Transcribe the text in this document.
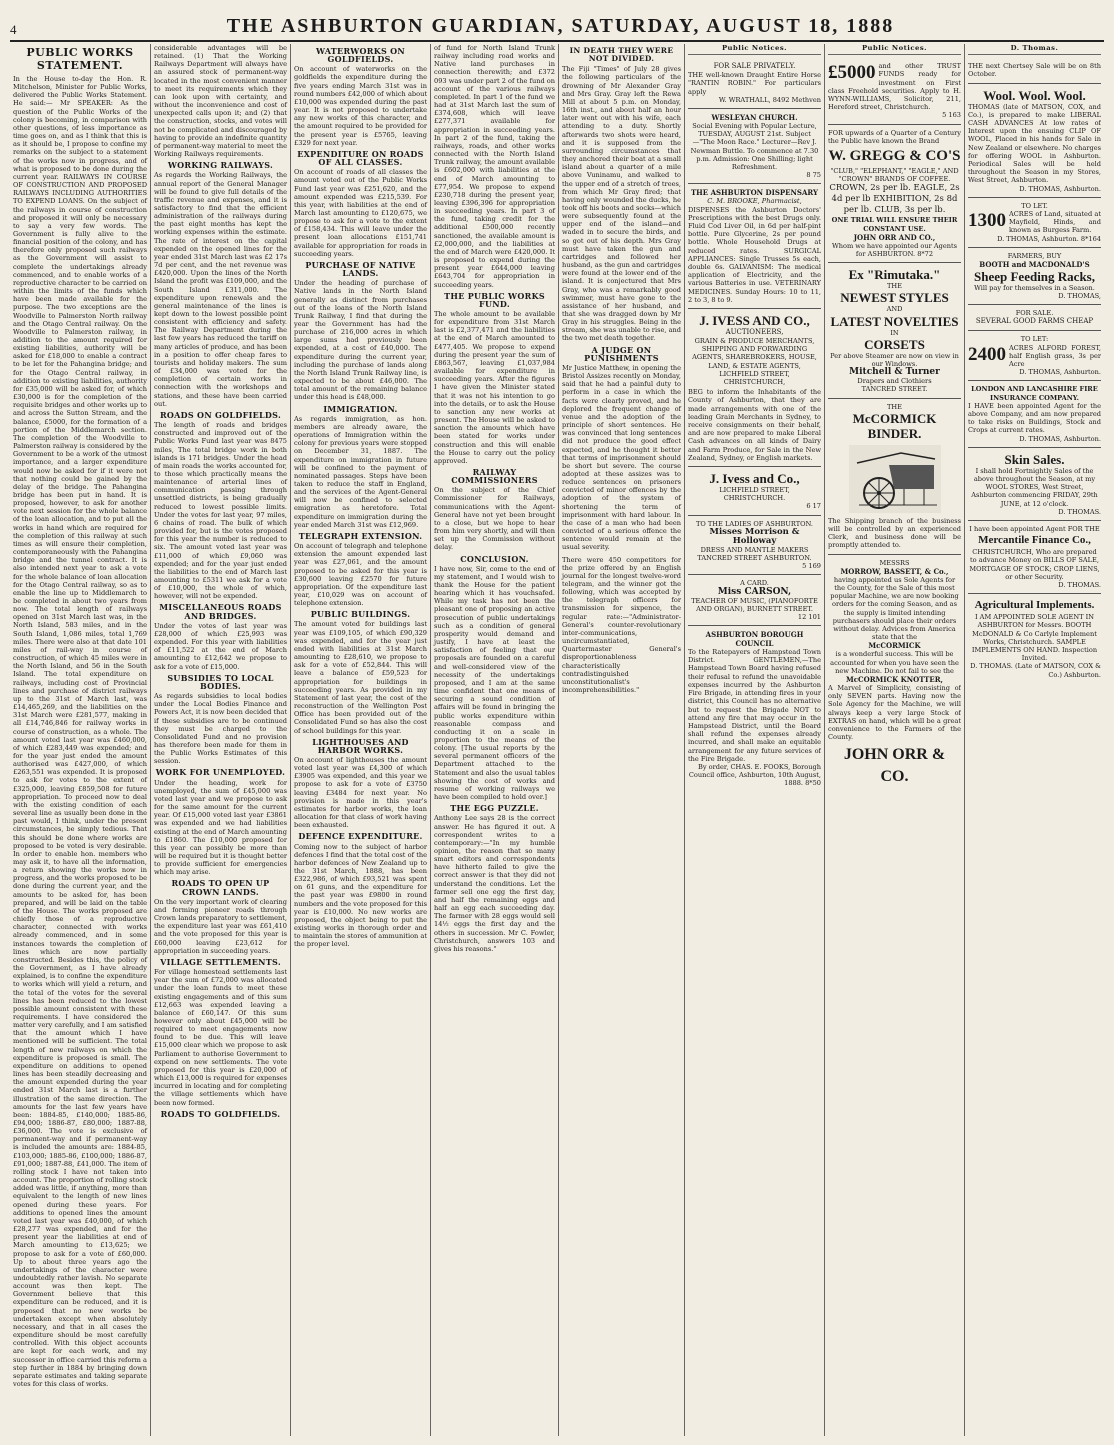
4	THE ASHBURTON GUARDIAN, SATURDAY, AUGUST 18, 1888
PUBLIC WORKS STATEMENT.
In the House to-day the Hon. R. Mitchelson, Minister for Public Works, delivered the Public Works Statement. He said:— Mr SPEAKER: As the question of the Public Works of the colony is becoming, in comparison with other questions, of less importance as time goes on, and as I think that this is as it should be, I propose to confine my remarks on the subject to a statement of the works now in progress, and of what is proposed to be done during the current year. RAILWAYS IN COURSE OF CONSTRUCTION AND PROPOSED RAILWAYS INCLUDING AUTHORITIES TO EXPEND LOANS. On the subject of the railways in course of construction and proposed it will only be necessary to say a very few words. The Government is fully alive to the financial position of the colony, and has therefore only proposed such railways as the Government will assist to complete the undertakings already commenced, and to enable works of a reproductive character to be carried on within the limits of the funds which have been made available for the purpose. The two exceptions are the Woodville to Palmerston North railway and the Otago Central railway. On the Woodville to Palmerston railway, in addition to the amount required for existing liabilities, authority will be asked for £18,000 to enable a contract to be let for the Pahangina bridge; and for the Otago Central railway, in addition to existing liabilities, authority for £35,000 will be asked for, of which £30,000 is for the completion of the requisite bridges and other works up to and across the Sutton Stream, and the balance, £5000, for the formation of a portion of the Middlemarch section. The completion of the Woodville to Palmerston railway is considered by the Government to be a work of the utmost importance, and a larger expenditure would now be asked for if it were not that nothing could be gained by the delay of the bridge. The Pahangina bridge has been put in hand. It is proposed, however, to ask for another vote next session for the whole balance of the loan allocation, and to put all the works in hand which are required for the completion of this railway at such times as will ensure their completion, contemporaneously with the Pahangina bridge and the tunnel contract. It is also intended next year to ask a vote for the whole balance of loan allocation for the Otago Central railway, so as to enable the line up to Middlemarch to be completed in about two years from now. The total length of railways opened on 31st March last was, in the North Island, 583 miles, and in the South Island, 1,086 miles, total 1,769 miles. There were also at that date 101 miles of rail-way in course of construction, of which 45 miles were in the North Island, and 56 in the South Island. The total expenditure on railways, including cost of Provincial lines and purchase of district railways up to the 31st of March last, was £14,465,269, and the liabilities on the 31st March were £281,577, making in all £14,746,846 for railway works in course of construction, as a whole. The amount voted last year was £460,000, of which £283,449 was expended; and for the year just ended the amount authorised was £427,000, of which £263,551 was expended. It is proposed to ask for votes to the extent of £325,000, leaving £859,508 for future appropriation. To proceed now to deal with the existing condition of each several line as usually been done in the past would, I think, under the present circumstances, be simply tedious. That this should be done where works are proposed to be voted is very desirable. In order to enable hon. members who may ask it, to have all the information, a return showing the works now in progress, and the works proposed to be done during the current year, and the amounts to be asked for, has been prepared, and will be laid on the table of the House. The works proposed are chiefly those of a reproductive character, connected with works already commenced, and in some instances towards the completion of lines which are now partially constructed. Besides this, the policy of the Government, as I have already explained, is to confine the expenditure to works which will yield a return, and the total of the votes for the several lines has been reduced to the lowest possible amount consistent with these requirements. I have considered the matter very carefully, and I am satisfied that the amount which I have mentioned will be sufficient. The total length of new railways on which the expenditure is proposed is small. The expenditure on additions to opened lines has been steadily decreasing and the amount expended during the year ended 31st March last is a further illustration of the same direction. The amounts for the last few years have been: 1884-85, £140,000; 1885-86, £94,000; 1886-87, £80,000; 1887-88, £36,000. The vote is exclusive of permanent-way and if permanent-way is included the amounts are: 1884-85, £103,000; 1885-86, £100,000; 1886-87, £91,000; 1887-88, £41,000. The item of rolling stock I have not taken into account. The proportion of rolling stock added was little, if anything, more than equivalent to the length of new lines opened during these years. For additions to opened lines the amount voted last year was £40,000, of which £28,277 was expended, and for the present year the liabilities at end of March amounting to £13,625; we propose to ask for a vote of £60,000. Up to about three years ago the undertakings of the character were undoubtedly rather lavish. No separate account was then kept. The Government believe that this expenditure can be reduced, and it is proposed that no new works be undertaken except when absolutely necessary, and that in all cases the expenditure should be most carefully controlled. With this object accounts are kept for each work, and my successor in office carried this reform a step further in 1884 by bringing down separate estimates and taking separate votes for this class of works.
considerable advantages will be retained. (1) That the Working Railways Department will always have an assured stock of permanent-way located in the most convenient manner to meet its requirements which they can look upon with certainty, and without the inconvenience and cost of unexpected calls upon it; and (2) that the construction, stocks, and votes will not be complicated and discouraged by having to provide an indefinite quantity of permanent-way material to meet the Working Railways requirements.
WORKING RAILWAYS.
As regards the Working Railways, the annual report of the General Manager will be found to give full details of the traffic revenue and expenses, and it is satisfactory to find that the efficient administration of the railways during the past eight months has kept the working expenses within the estimate. The rate of interest on the capital expended on the opened lines for the year ended 31st March last was £2 17s 7d per cent, and the net revenue was £420,000. Upon the lines of the North Island the profit was £109,000, and the South Island £311,000. The expenditure upon renewals and the general maintenance of the lines is kept down to the lowest possible point consistent with efficiency and safety. The Railway Department during the last few years has reduced the tariff on many articles of produce, and has been in a position to offer cheap fares to tourists and holiday makers. The sum of £34,000 was voted for the completion of certain works in connection with the workshops and stations, and these have been carried out.
ROADS ON GOLDFIELDS.
The length of roads and bridges constructed and improved out of the Public Works Fund last year was 8475 miles, The total bridge work in both islands is 171 bridges. Under the head of main roads the works accounted for, to those which practically means the maintenance of arterial lines of communication passing through unsettled districts, is being gradually reduced to lowest possible limits. Under the votes for last year, 97 miles, 6 chains of road. The bulk of which provided for, but is the votes proposed for this year the number is reduced to six. The amount voted last year was £11,000 of which £9,060 was expended; and for the year just ended the liabilities to the end of March last amounting to £5311 we ask for a vote of £10,000, the whole of which, however, will not be expended.
MISCELLANEOUS ROADS AND BRIDGES.
Under the votes of last year was £28,000 of which £25,993 was expended. For this year with liabilities of £11,522 at the end of March amounting to £12,642 we propose to ask for a vote of £15,000.
SUBSIDIES TO LOCAL BODIES.
As regards subsidies to local bodies under the Local Bodies Finance and Powers Act, it is now been decided that if these subsidies are to be continued they must be charged to the Consolidated Fund and no provision has therefore been made for them in the Public Works Estimates of this session.
WORK FOR UNEMPLOYED.
Under the heading, work for unemployed, the sum of £45,000 was voted last year and we propose to ask for the same amount for the current year. Of £15,000 voted last year £3861 was expended and we had liabilities existing at the end of March amounting to £1860. The £10,000 proposed for this year can possibly be more than will be required but it is thought better to provide sufficient for emergencies which may arise.
ROADS TO OPEN UP CROWN LANDS.
On the very important work of clearing and forming pioneer roads through Crown lands preparatory to settlement, the expenditure last year was £61,410 and the vote proposed for this year is £60,000 leaving £23,612 for appropriation in succeeding years.
VILLAGE SETTLEMENTS.
For village homestead settlements last year the sum of £72,000 was allocated under the loan funds to meet these existing engagements and of this sum £12,663 was expended leaving a balance of £60,147. Of this sum however only about £45,000 will be required to meet engagements now found to be due. This will leave £15,000 clear which we propose to ask Parliament to authorise Government to expend on new settlements. The vote proposed for this year is £20,000 of which £13,000 is required for expenses incurred in locating and for completing the village settlements which have been now formed.
ROADS TO GOLDFIELDS.
WATERWORKS ON GOLDFIELDS.
On account of waterworks on the goldfields the expenditure during the five years ending March 31st was in round numbers £42,000 of which about £10,000 was expended during the past year. It is not proposed to undertake any new works of this character, and the amount required to be provided for the present year is £5765, leaving £329 for next year.
EXPENDITURE ON ROADS OF ALL CLASSES.
On account of roads of all classes the amount voted out of the Public Works Fund last year was £251,620, and the amount expended was £215,539. For this year, with liabilities at the end of March last amounting to £120,675, we propose to ask for a vote to the extent of £158,434. This will leave under the present loan allocations £151,741 available for appropriation for roads in succeeding years.
PURCHASE OF NATIVE LANDS.
Under the heading of purchase of Native lands in the North Island generally as distinct from purchases out of the loans of the North Island Trunk Railway, I find that during the year the Government has had the purchase of 216,000 acres in which large sums had previously been expended, at a cost of £40,000. The expenditure during the current year, including the purchase of lands along the North Island Trunk Railway line, is expected to be about £46,000. The total amount of the remaining balance under this head is £48,000.
IMMIGRATION.
As regards immigration, as hon. members are already aware, the operations of Immigration within the colony for previous years were stopped on December 31, 1887. The expenditure on immigration in future will be confined to the payment of nominated passages. Steps have been taken to reduce the staff in England, and the services of the Agent-General will now be confined to selected emigration as heretofore. Total expenditure on immigration during the year ended March 31st was £12,969.
TELEGRAPH EXTENSION.
On account of telegraph and telephone extension the amount expended last year was £27,061, and the amount proposed to be asked for this year is £30,600 leaving £2570 for future appropriation. Of the expenditure last year, £10,029 was on account of telephone extension.
PUBLIC BUILDINGS.
The amount voted for buildings last year was £109,105, of which £90,329 was expended, and for the year just ended with liabilities at 31st March amounting to £28,610, we propose to ask for a vote of £52,844. This will leave a balance of £59,523 for appropriation for buildings in succeeding years. As provided in my Statement of last year, the cost of the reconstruction of the Wellington Post Office has been provided out of the Consolidated Fund so has also the cost of school buildings for this year.
LIGHTHOUSES AND HARBOR WORKS.
On account of lighthouses the amount voted last year was £4,300 of which £3905 was expended, and this year we propose to ask for a vote of £3750 leaving £3484 for next year. No provision is made in this year's estimates for harbor works, the loan allocation for that class of work having been exhausted.
DEFENCE EXPENDITURE.
Coming now to the subject of harbor defences I find that the total cost of the harbor defences of New Zealand up to the 31st March, 1888, has been £322,986, of which £93,521 was spent on 61 guns, and the expenditure for the past year was £9800 in round numbers and the vote proposed for this year is £10,000. No new works are proposed, the object being to put the existing works in thorough order and to maintain the stores of ammunition at the proper level.
of fund for North Island Trunk railway including road works and Native land purchases in connection therewith; and £372 093 was under part 2 of the fund on account of the various railways completed. In part 1 of the fund we had at 31st March last the sum of £374,608, which will leave £277,371 available for appropriation in succeeding years. In part 2 of the fund, taking the railways, roads, and other works connected with the North Island Trunk railway, the amount available is £602,000 with liabilities at the end of March amounting to £77,954. We propose to expend £230,718 during the present year, leaving £396,396 for appropriation in succeeding years. In part 3 of the fund, taking credit for the additional £500,000 recently sanctioned, the available amount is £2,000,000, and the liabilities at the end of March were £420,000. It is proposed to expend during the present year £644,000 leaving £643,704 for appropriation in succeeding years.
THE PUBLIC WORKS FUND.
The whole amount to be available for expenditure from 31st March last is £2,377,471 and the liabilities at the end of March amounted to £477,405. We propose to expend during the present year the sum of £863,567, leaving £1,037,984 available for expenditure in succeeding years. After the figures I have given the Minister stated that it was not his intention to go into the details, or to ask the House to sanction any new works at present. The House will be asked to sanction the amounts which have been stated for works under construction and this will enable the House to carry out the policy approved.
RAILWAY COMMISSIONERS
On the subject of the Chief Commissioner for Railways, communications with the Agent-General have not yet been brought to a close, but we hope to hear from him very shortly, and will then set up the Commission without delay.
CONCLUSION.
I have now, Sir, come to the end of my statement, and I would wish to thank the House for the patient hearing which it has vouchsafed. While my task has not been the pleasant one of proposing an active prosecution of public undertakings such as a condition of general prosperity would demand and justify, I have at least the satisfaction of feeling that our proposals are founded on a careful and well-considered view of the necessity of the undertakings proposed, and I am at the same time confident that one means of securing a sound condition of affairs will be found in bringing the public works expenditure within reasonable compass and conducting it on a scale in proportion to the means of the colony. [The usual reports by the several permanent officers of the Department attached to the Statement and also the usual tables showing the cost of works and resume of working railways we have been compiled to hold over.]
THE EGG PUZZLE.
Anthony Lee says 28 is the correct answer. He has figured it out. A correspondent writes to a contemporary:—"In my humble opinion, the reason that so many smart editors and correspondents have hitherto failed to give the correct answer is that they did not understand the conditions. Let the farmer sell one egg the first day, and half the remaining eggs and half an egg each succeeding day. The farmer with 28 eggs would sell 14½ eggs the first day and the others in succession. Mr C. Fowler, Christchurch, answers 103 and gives his reasons."
IN DEATH THEY WERE NOT DIVIDED.
The Fiji "Times" of July 28 gives the following particulars of the drowning of Mr Alexander Gray and Mrs Gray. Gray left the Rewa Mill at about 5 p.m. on Monday, 16th inst., and about half an hour later went out with his wife, each attending to a duty. Shortly afterwards two shots were heard, and it is supposed from the surrounding circumstances that they anchored their boat at a small island about a quarter of a mile above Vuninamu, and walked to the upper end of a stretch of trees, from which Mr Gray fired; that having only wounded the ducks, he took off his boots and socks—which were subsequently found at the upper end of the island—and waded in to secure the birds, and so got out of his depth. Mrs Gray must have taken the gun and cartridges and followed her husband, as the gun and cartridges were found at the lower end of the island. It is conjectured that Mrs Gray, who was a remarkably good swimmer, must have gone to the assistance of her husband, and that she was dragged down by Mr Gray in his struggles. Being in the stream, she was unable to rise, and the two met death together.
A JUDGE ON PUNISHMENTS
Mr Justice Matthew, in opening the Bristol Assizes recently on Monday, said that he had a painful duty to perform in a case in which the facts were clearly proved, and he deplored the frequent change of venue and the adoption of the principle of short sentences. He was convinced that long sentences did not produce the good effect expected, and he thought it better that terms of imprisonment should be short but severe. The course adopted at these assizes was to reduce sentences on prisoners convicted of minor offences by the adoption of the system of shortening the term of imprisonment with hard labour. In the case of a man who had been convicted of a serious offence the sentence would remain at the usual severity.
There were 450 competitors for the prize offered by an English journal for the longest twelve-word telegram, and the winner got the following, which was accepted by the telegraph officers for transmission for sixpence, the regular rate:—"Administrator-General's counter-revolutionary inter-communications, uncircumstantiated, Quartermaster General's disproportionableness characteristically contradistinguished unconstitutionalist's incomprehensibilities."
Public Notices.
FOR SALE PRIVATELY.
THE well-known Draught Entire Horse "RANTIN ROBIN." For particulars apply
W. WRATHALL, 8492 Methven
WESLEYAN CHURCH.
Social Evening with Popular Lecture, TUESDAY, AUGUST 21st. Subject—"The Moon Race." Lecturer—Rev J. Newman Buttle. To commence at 7.30 p.m. Admission: One Shilling; light Refreshment.
8 75
THE ASHBURTON DISPENSARY
C. M. BROOKE, Pharmacist,
DISPENSES the Ashburton Doctors' Prescriptions with the best Drugs only. Fluid Cod Liver Oil, in 6d per half-pint bottle. Pure Glycerine, 2s per pound bottle. Whole Household Drugs at reduced rates. SURGICAL APPLIANCES: Single Trusses 5s each, double 6s. GALVANISM: The medical application of Electricity, and the various Batteries in use. VETERINARY MEDICINES. Sunday Hours: 10 to 11, 2 to 3, 8 to 9.
J. IVESS AND CO.,
AUCTIONEERS,
GRAIN & PRODUCE MERCHANTS, SHIPPING AND FORWARDING AGENTS, SHAREBROKERS, HOUSE, LAND, & ESTATE AGENTS, LICHFIELD STREET, CHRISTCHURCH,
BEG to inform the Inhabitants of the County of Ashburton, that they are made arrangements with one of the leading Grain Merchants in Sydney, to receive consignments on their behalf, and are now prepared to make Liberal Cash advances on all kinds of Dairy and Farm Produce, for Sale in the New Zealand, Sydney, or English markets.
J. Ivess and Co.,
LICHFIELD STREET, CHRISTCHURCH.
6 17
TO THE LADIES OF ASHBURTON.
Misses Morrison & Holloway
DRESS AND MANTLE MAKERS TANCRED STREET ASHBURTON.
5 169
A CARD.
Miss CARSON,
TEACHER OF MUSIC, (PIANOFORTE AND ORGAN), BURNETT STREET.
12 101
ASHBURTON BOROUGH COUNCIL
To the Ratepayers of Hampstead Town District. GENTLEMEN,—The Hampstead Town Board having refused their refusal to refund the unavoidable expenses incurred by the Ashburton Fire Brigade, in attending fires in your district, this Council has no alternative but to request the Brigade NOT to attend any fire that may occur in the Hampstead District, until the Board shall refund the expenses already incurred, and shall make an equitable arrangement for any future services of the Fire Brigade.
By order, CHAS. E. FOOKS, Borough Council office, Ashburton, 10th August, 1888. 8*50
Public Notices.
£5000 and other TRUST FUNDS ready for investment on First class Freehold securities. Apply to H. WYNN-WILLIAMS, Solicitor, 211, Hereford street, Christchurch.
5 163
FOR upwards of a Quarter of a Century the Public have known the Brand
W. GREGG & CO'S
"CLUB," "ELEPHANT," "EAGLE," AND "CROWN" BRANDS OF COFFEE.
CROWN, 2s per lb. EAGLE, 2s 4d per lb EXHIBITION, 2s 8d per lb. CLUB, 3s per lb.
ONE TRIAL WILL ENSURE THEIR CONSTANT USE.
JOHN ORR AND CO.,
Whom we have appointed our Agents for ASHBURTON. 8*72
Ex "Rimutaka."
THE
NEWEST STYLES
AND
LATEST NOVELTIES
IN
CORSETS
Per above Steamer are now on view in our Windows.
Mitchell & Turner
Drapers and Clothiers
TANCRED STREET.
THE
McCORMICK BINDER.
The Shipping branch of the business will be controlled by an experienced Clerk, and business done will be promptly attended to.
MESSRS
MORROW, BASSETT, & Co.,
having appointed us Sole Agents for the County, for the Sale of this most popular Machine, we are now booking orders for the coming Season, and as the supply is limited intending purchasers should place their orders without delay. Advices from America state that the
McCORMICK
is a wonderful success. This will be accounted for when you have seen the new Machine. Do not fail to see the
McCORMICK KNOTTER,
A Marvel of Simplicity, consisting of only SEVEN parts. Having now the Sole Agency for the Machine, we will always keep a very large Stock of EXTRAS on hand, which will be a great convenience to the Farmers of the County.
JOHN ORR & CO.
D. Thomas.
THE next Chertsey Sale will be on 8th October.
Wool. Wool. Wool.
THOMAS (late of MATSON, COX, and Co.), is prepared to make LIBERAL CASH ADVANCES At low rates of Interest upon the ensuing CLIP OF WOOL, Placed in his hands for Sale in New Zealand or elsewhere. No charges for offering WOOL in Ashburton. Periodical Sales will be held throughout the Season in my Stores, West Street, Ashburton.
D. THOMAS, Ashburton.
TO LET.
1300 ACRES of Land, situated at Mayfield, Hinds, and known as Burgess Farm.
D. THOMAS, Ashburton. 8*164
FARMERS, BUY
BOOTH and MACDONALD'S
Sheep Feeding Racks,
Will pay for themselves in a Season.
D. THOMAS,
FOR SALE.
SEVERAL GOOD FARMS CHEAP
TO LET:
2400 ACRES ALFORD FOREST, half English grass, 3s per Acre
D. THOMAS, Ashburton.
LONDON AND LANCASHIRE FIRE INSURANCE COMPANY.
I HAVE been appointed Agent for the above Company, and am now prepared to take risks on Buildings, Stock and Crops at current rates.
D. THOMAS, Ashburton.
Skin Sales.
I shall hold Fortnightly Sales of the above throughout the Season, at my WOOL STORES, West Street, Ashburton commencing FRIDAY, 29th JUNE, at 12 o'clock.
D. THOMAS.
I have been appointed Agent FOR THE
Mercantile Finance Co.,
CHRISTCHURCH, Who are prepared to advance Money on BILLS OF SALE, MORTGAGE OF STOCK; CROP LIENS, or other Security.
D. THOMAS.
Agricultural Implements.
I AM APPOINTED SOLE AGENT IN ASHBURTON for Messrs. BOOTH McDONALD & Co Carlyle Implement Works, Christchurch. SAMPLE IMPLEMENTS ON HAND. Inspection Invited.
D. THOMAS. (Late of MATSON, COX & Co.) Ashburton.
